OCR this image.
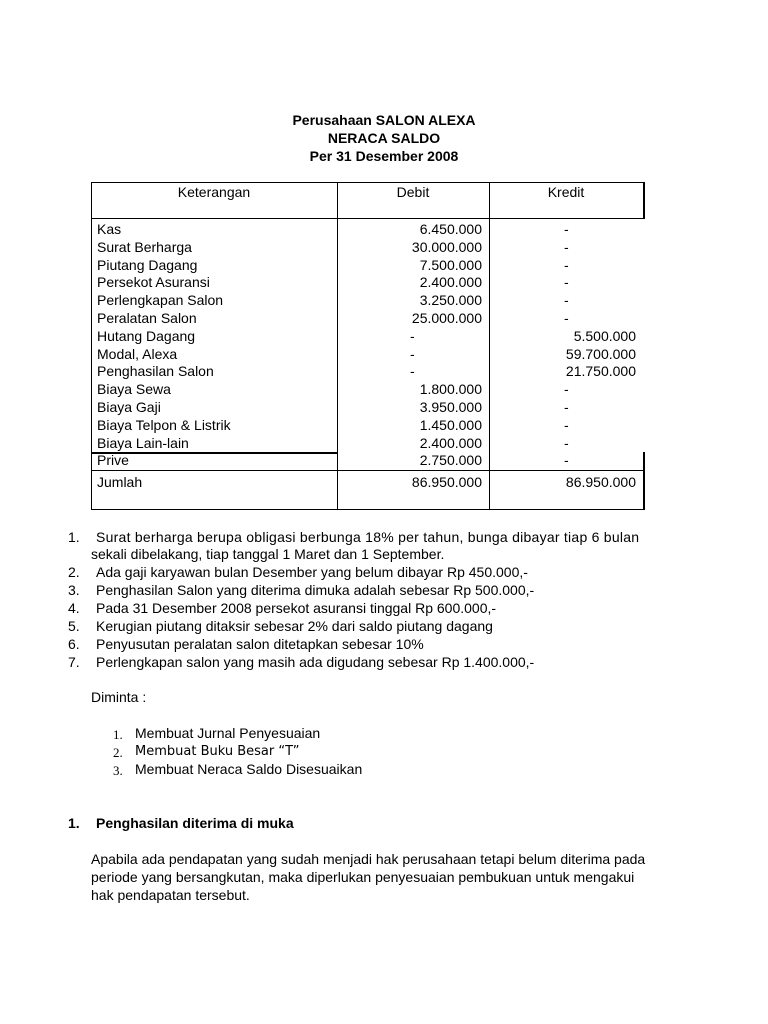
Perusahaan SALON ALEXA
NERACA SALDO
Per 31 Desember 2008
Keterangan	Debit	Kredit
Kas	6.450.000	-
Surat Berharga	30.000.000	-
Piutang Dagang	7.500.000	-
Persekot Asuransi	2.400.000	-
Perlengkapan Salon	3.250.000	-
Peralatan Salon	25.000.000	-
Hutang Dagang	-	5.500.000
Modal, Alexa	-	59.700.000
Penghasilan Salon	-	21.750.000
Biaya Sewa	1.800.000	-
Biaya Gaji	3.950.000	-
Biaya Telpon & Listrik	1.450.000	-
Biaya Lain-lain	2.400.000	-
Prive	2.750.000	-
Jumlah	86.950.000	86.950.000
1. Surat berharga berupa obligasi berbunga 18% per tahun, bunga dibayar tiap 6 bulan
sekali dibelakang, tiap tanggal 1 Maret dan 1 September.
2. Ada gaji karyawan bulan Desember yang belum dibayar Rp 450.000,-
3. Penghasilan Salon yang diterima dimuka adalah sebesar Rp 500.000,-
4. Pada 31 Desember 2008 persekot asuransi tinggal Rp 600.000,-
5. Kerugian piutang ditaksir sebesar 2% dari saldo piutang dagang
6. Penyusutan peralatan salon ditetapkan sebesar 10%
7. Perlengkapan salon yang masih ada digudang sebesar Rp 1.400.000,-
Diminta :
1. Membuat Jurnal Penyesuaian
2. Membuat Buku Besar “T”
3. Membuat Neraca Saldo Disesuaikan
1. Penghasilan diterima di muka
Apabila ada pendapatan yang sudah menjadi hak perusahaan tetapi belum diterima pada
periode yang bersangkutan, maka diperlukan penyesuaian pembukuan untuk mengakui
hak pendapatan tersebut.
